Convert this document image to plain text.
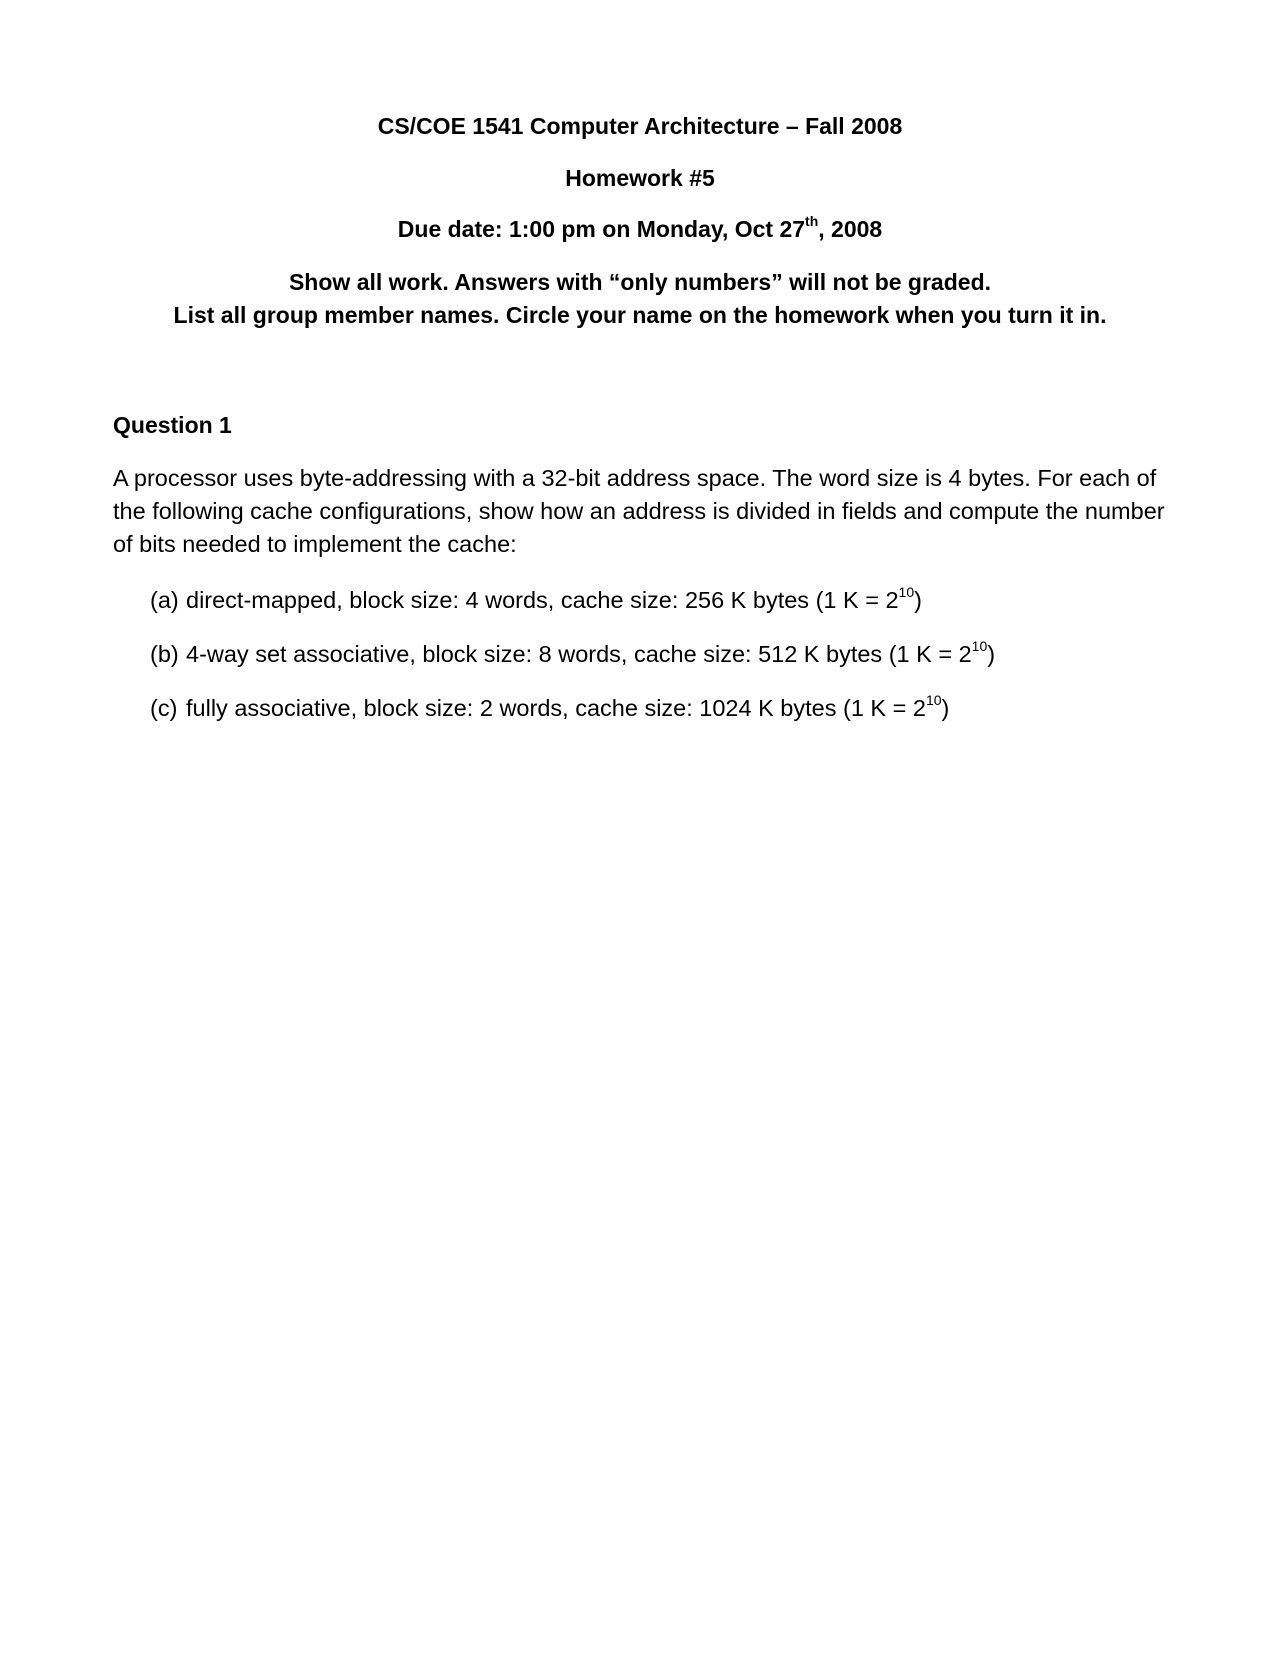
CS/COE 1541 Computer Architecture – Fall 2008
Homework #5
Due date: 1:00 pm on Monday, Oct 27th, 2008
Show all work. Answers with “only numbers” will not be graded.
List all group member names. Circle your name on the homework when you turn it in.
Question 1

A processor uses byte-addressing with a 32-bit address space. The word size is 4 bytes. For each of the following cache configurations, show how an address is divided in fields and compute the number of bits needed to implement the cache:

(a) direct-mapped, block size: 4 words, cache size: 256 K bytes (1 $K = 2^{10}$)
(b) 4-way set associative, block size: 8 words, cache size: 512 K bytes (1 $K = 2^{10}$)
(c) fully associative, block size: 2 words, cache size: 1024 K bytes (1 $K = 2^{10}$)
